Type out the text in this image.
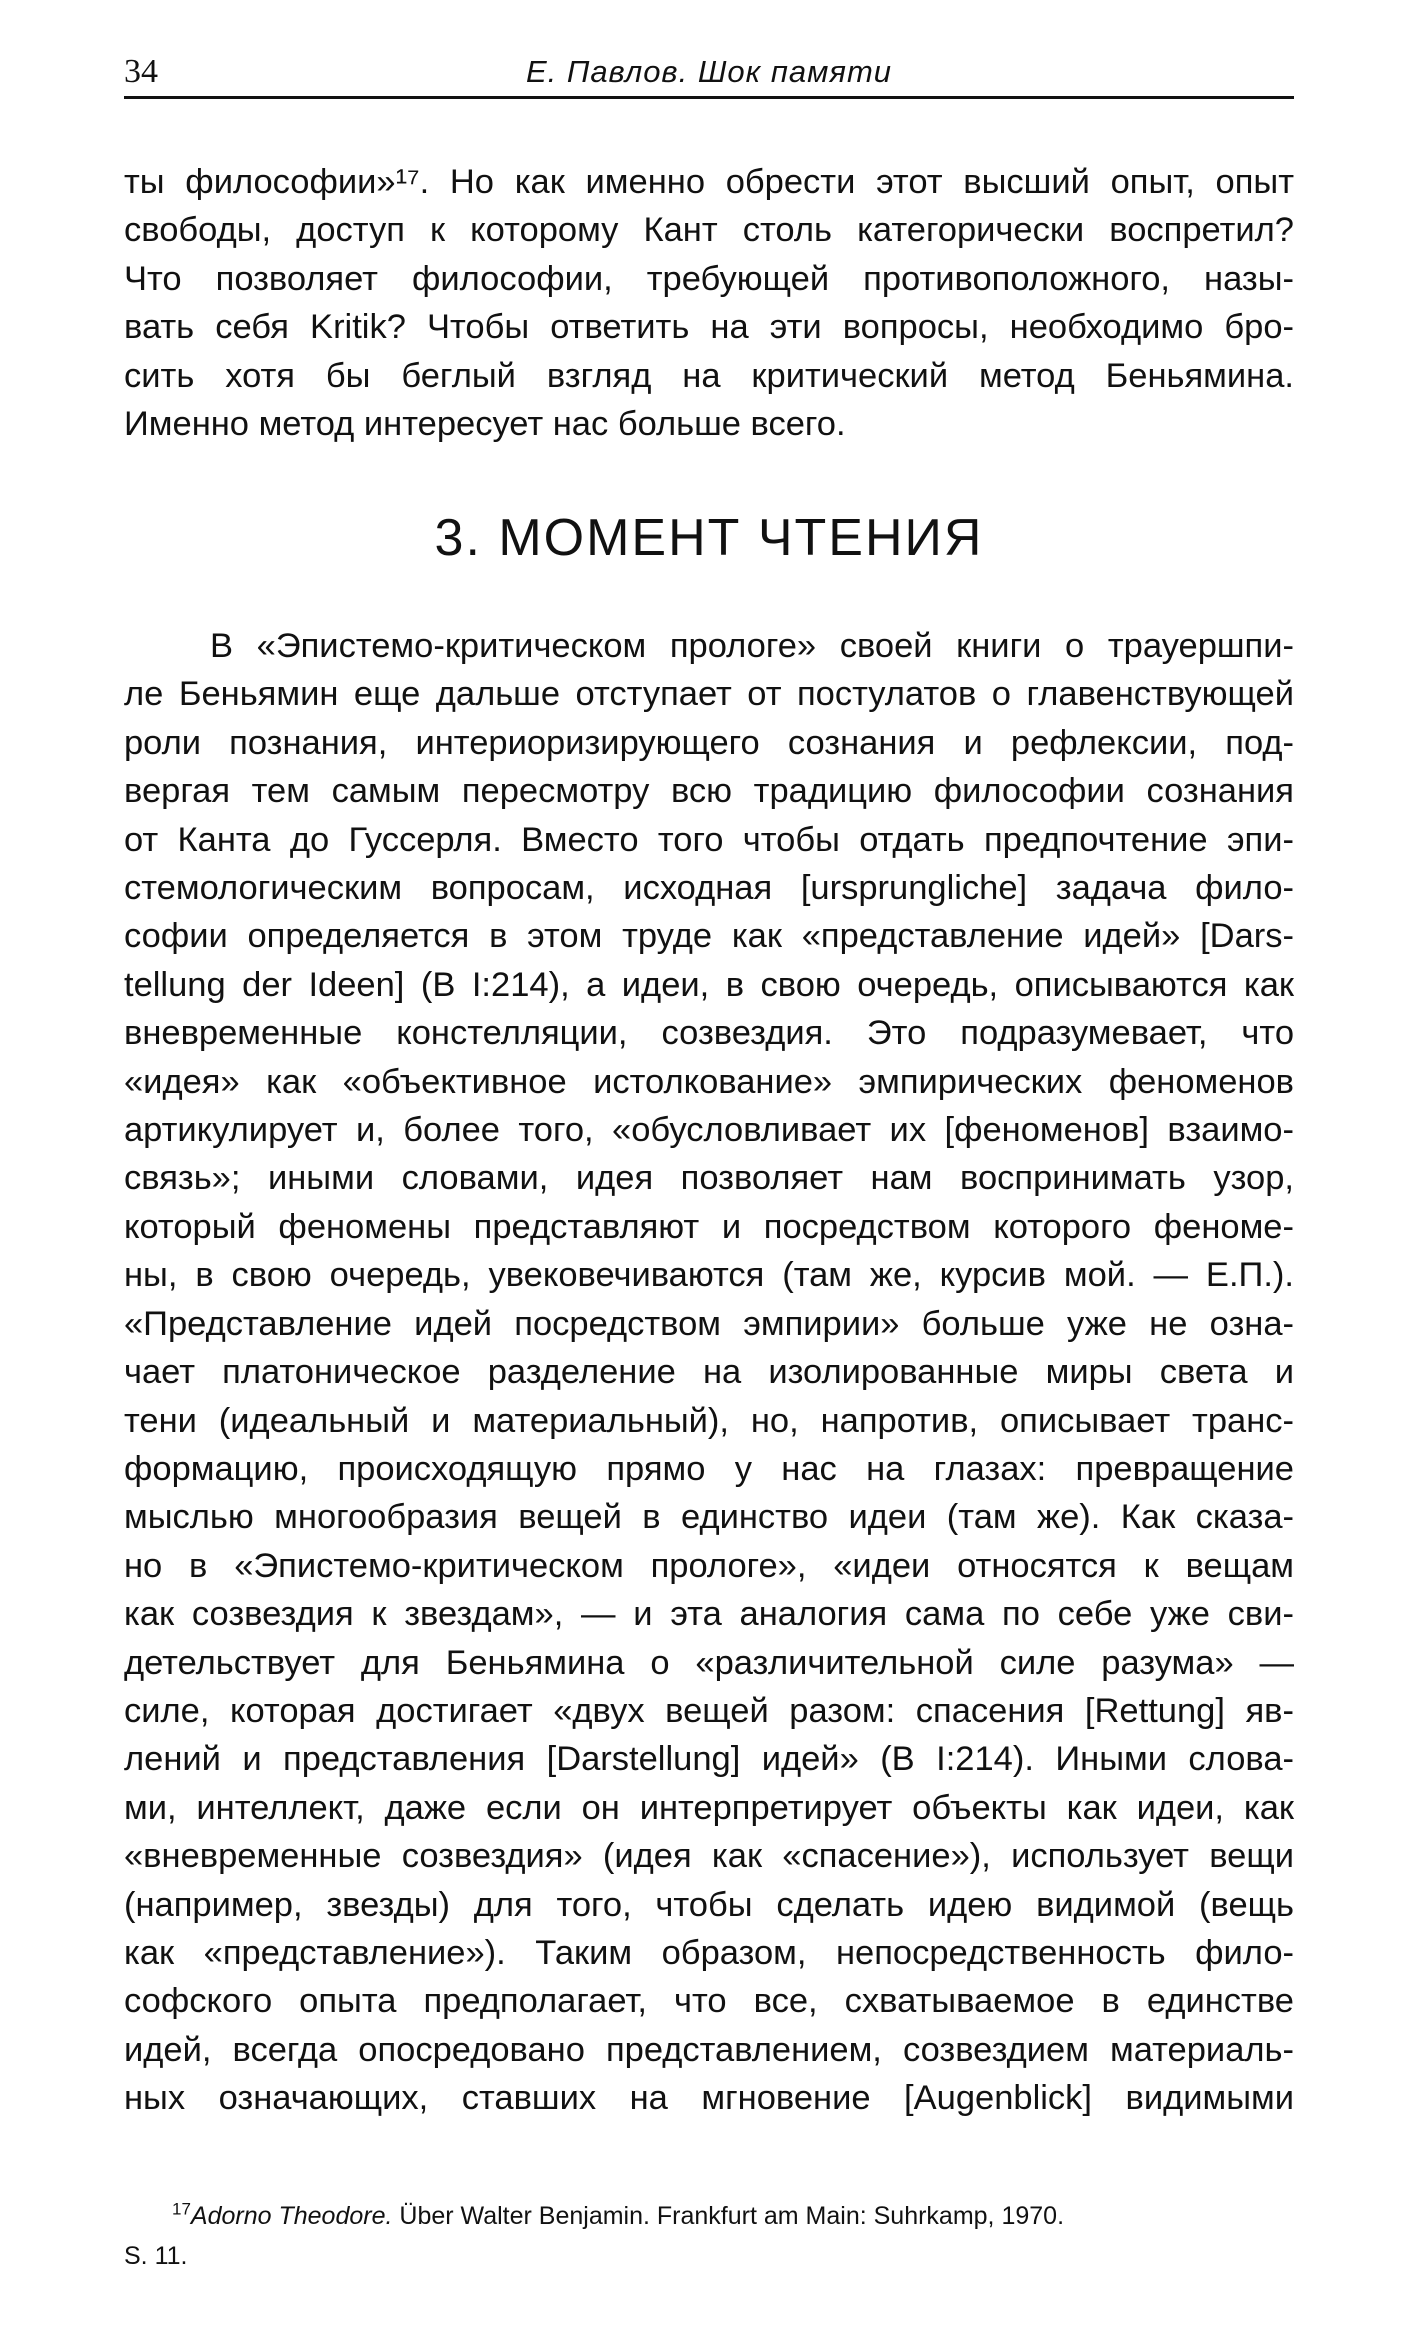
34	Е. Павлов. Шок памяти
ты философии»¹⁷. Но как именно обрести этот высший опыт, опыт
свободы, доступ к которому Кант столь категорически воспретил?
Что позволяет философии, требующей противоположного, назы-
вать себя Kritik? Чтобы ответить на эти вопросы, необходимо бро-
сить хотя бы беглый взгляд на критический метод Беньямина.
Именно метод интересует нас больше всего.
3. МОМЕНТ ЧТЕНИЯ
В «Эпистемо-критическом прологе» своей книги о трауершпи-
ле Беньямин еще дальше отступает от постулатов о главенствующей
роли познания, интериоризирующего сознания и рефлексии, под-
вергая тем самым пересмотру всю традицию философии сознания
от Канта до Гуссерля. Вместо того чтобы отдать предпочтение эпи-
стемологическим вопросам, исходная [ursprungliche] задача фило-
софии определяется в этом труде как «представление идей» [Dars-
tellung der Ideen] (B I:214), а идеи, в свою очередь, описываются как
вневременные констелляции, созвездия. Это подразумевает, что
«идея» как «объективное истолкование» эмпирических феноменов
артикулирует и, более того, «обусловливает их [феноменов] взаимо-
связь»; иными словами, идея позволяет нам воспринимать узор,
который феномены представляют и посредством которого феноме-
ны, в свою очередь, увековечиваются (там же, курсив мой. — Е.П.).
«Представление идей посредством эмпирии» больше уже не озна-
чает платоническое разделение на изолированные миры света и
тени (идеальный и материальный), но, напротив, описывает транс-
формацию, происходящую прямо у нас на глазах: превращение
мыслью многообразия вещей в единство идеи (там же). Как сказа-
но в «Эпистемо-критическом прологе», «идеи относятся к вещам
как созвездия к звездам», — и эта аналогия сама по себе уже сви-
детельствует для Беньямина о «различительной силе разума» —
силе, которая достигает «двух вещей разом: спасения [Rettung] яв-
лений и представления [Darstellung] идей» (B I:214). Иными слова-
ми, интеллект, даже если он интерпретирует объекты как идеи, как
«вневременные созвездия» (идея как «спасение»), использует вещи
(например, звезды) для того, чтобы сделать идею видимой (вещь
как «представление»). Таким образом, непосредственность фило-
софского опыта предполагает, что все, схватываемое в единстве
идей, всегда опосредовано представлением, созвездием материаль-
ных означающих, ставших на мгновение [Augenblick] видимыми
$^{17}$Adorno Theodore. Über Walter Benjamin. Frankfurt am Main: Suhrkamp, 1970.
S. 11.
